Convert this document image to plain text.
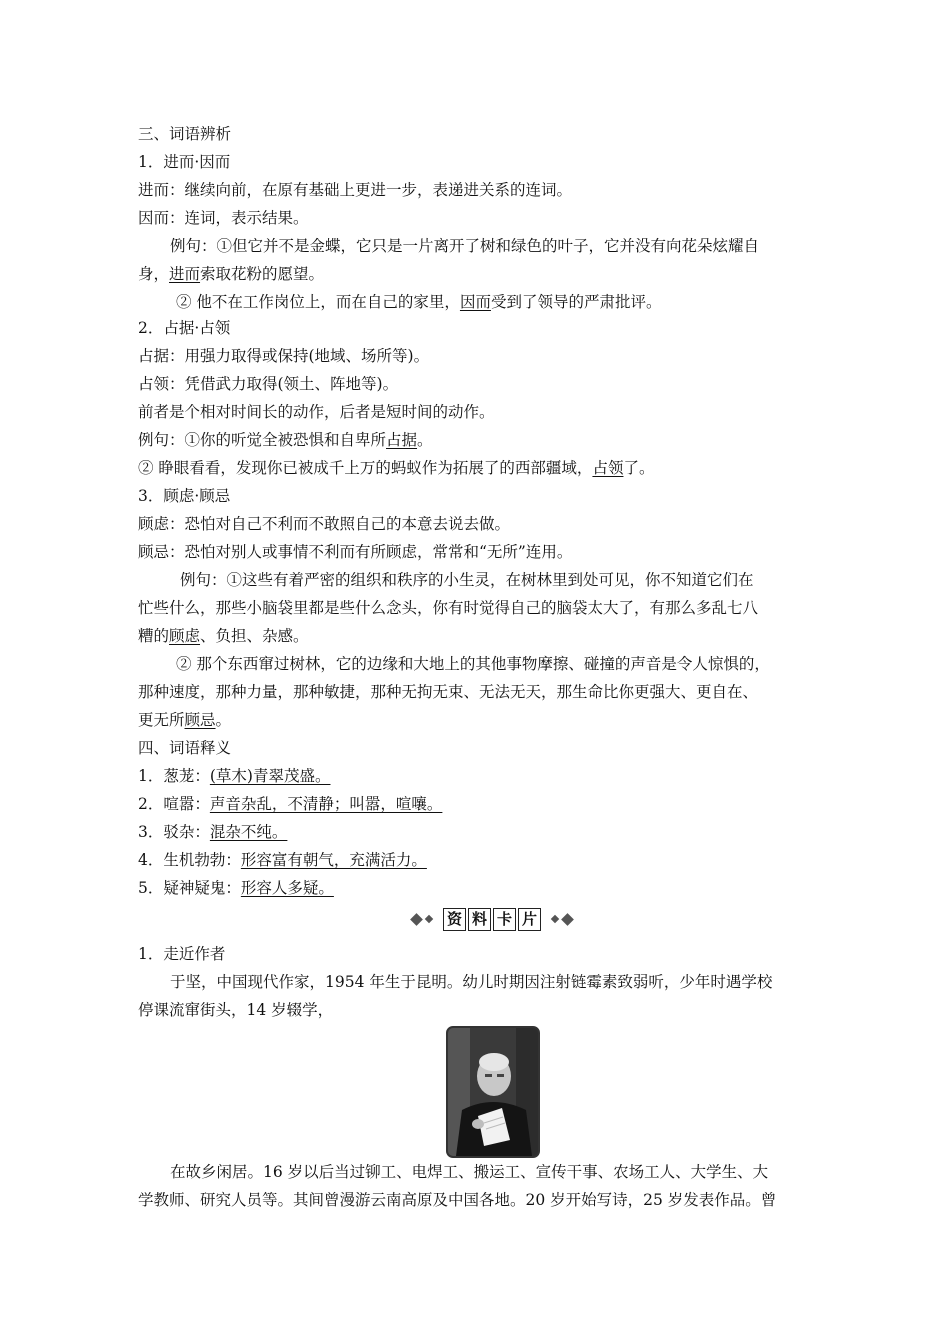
三、词语辨析
1．进而·因而
进而：继续向前，在原有基础上更进一步，表递进关系的连词。
因而：连词，表示结果。
例句：①但它并不是金蝶，它只是一片离开了树和绿色的叶子，它并没有向花朵炫耀自
身，进而索取花粉的愿望。
② 他不在工作岗位上，而在自己的家里，因而受到了领导的严肃批评。
2．占据·占领
占据：用强力取得或保持(地域、场所等)。
占领：凭借武力取得(领土、阵地等)。
前者是个相对时间长的动作，后者是短时间的动作。
例句：①你的听觉全被恐惧和自卑所占据。
② 睁眼看看，发现你已被成千上万的蚂蚁作为拓展了的西部疆域，占领了。
3．顾虑·顾忌
顾虑：恐怕对自己不利而不敢照自己的本意去说去做。
顾忌：恐怕对别人或事情不利而有所顾虑，常常和“无所”连用。
例句：①这些有着严密的组织和秩序的小生灵，在树林里到处可见，你不知道它们在
忙些什么，那些小脑袋里都是些什么念头，你有时觉得自己的脑袋太大了，有那么多乱七八
糟的顾虑、负担、杂感。
② 那个东西窜过树林，它的边缘和大地上的其他事物摩擦、碰撞的声音是令人惊惧的，
那种速度，那种力量，那种敏捷，那种无拘无束、无法无天，那生命比你更强大、更自在、
更无所顾忌。
四、词语释义
1．葱茏：(草木)青翠茂盛。
2．喧嚣：声音杂乱，不清静；叫嚣，喧嚷。
3．驳杂：混杂不纯。
4．生机勃勃：形容富有朝气，充满活力。
5．疑神疑鬼：形容人多疑。
资 料 卡 片
1．走近作者
于坚，中国现代作家，1954 年生于昆明。幼儿时期因注射链霉素致弱听，少年时遇学校
停课流窜街头，14 岁辍学，
在故乡闲居。16 岁以后当过铆工、电焊工、搬运工、宣传干事、农场工人、大学生、大
学教师、研究人员等。其间曾漫游云南高原及中国各地。20 岁开始写诗，25 岁发表作品。曾
